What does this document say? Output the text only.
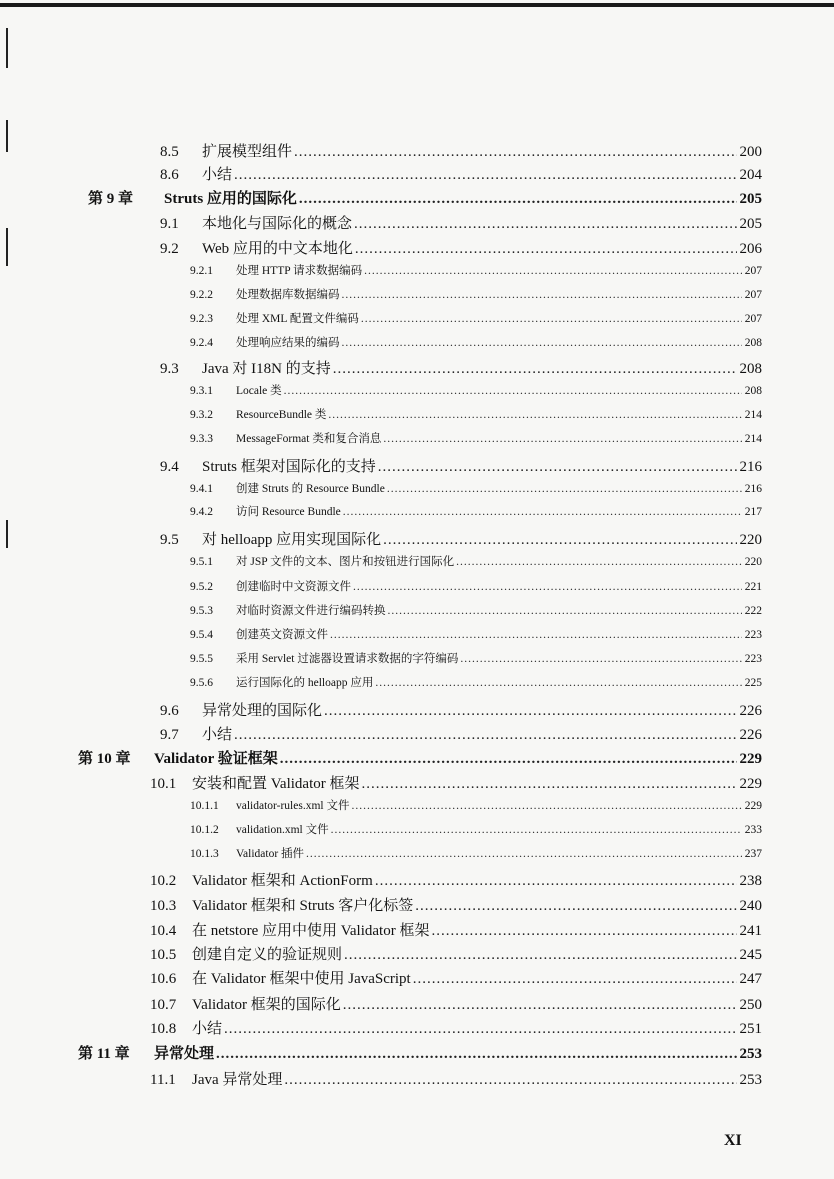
8.5	扩展模型组件 .....	200
8.6	小结 .....	204
第 9 章	Struts 应用的国际化 .....	205
9.1	本地化与国际化的概念 .....	205
9.2	Web 应用的中文本地化 .....	206
9.2.1	处理 HTTP 请求数据编码 .....	207
9.2.2	处理数据库数据编码 .....	207
9.2.3	处理 XML 配置文件编码 .....	207
9.2.4	处理响应结果的编码 .....	208
9.3	Java 对 I18N 的支持 .....	208
9.3.1	Locale 类 .....	208
9.3.2	ResourceBundle 类 .....	214
9.3.3	MessageFormat 类和复合消息 .....	214
9.4	Struts 框架对国际化的支持 .....	216
9.4.1	创建 Struts 的 Resource Bundle .....	216
9.4.2	访问 Resource Bundle .....	217
9.5	对 helloapp 应用实现国际化 .....	220
9.5.1	对 JSP 文件的文本、图片和按钮进行国际化 .....	220
9.5.2	创建临时中文资源文件 .....	221
9.5.3	对临时资源文件进行编码转换 .....	222
9.5.4	创建英文资源文件 .....	223
9.5.5	采用 Servlet 过滤器设置请求数据的字符编码 .....	223
9.5.6	运行国际化的 helloapp 应用 .....	225
9.6	异常处理的国际化 .....	226
9.7	小结 .....	226
第 10 章	Validator 验证框架 .....	229
10.1	安装和配置 Validator 框架 .....	229
10.1.1	validator-rules.xml 文件 .....	229
10.1.2	validation.xml 文件 .....	233
10.1.3	Validator 插件 .....	237
10.2	Validator 框架和 ActionForm .....	238
10.3	Validator 框架和 Struts 客户化标签 .....	240
10.4	在 netstore 应用中使用 Validator 框架 .....	241
10.5	创建自定义的验证规则 .....	245
10.6	在 Validator 框架中使用 JavaScript .....	247
10.7	Validator 框架的国际化 .....	250
10.8	小结 .....	251
第 11 章	异常处理 .....	253
11.1	Java 异常处理 .....	253
XI
